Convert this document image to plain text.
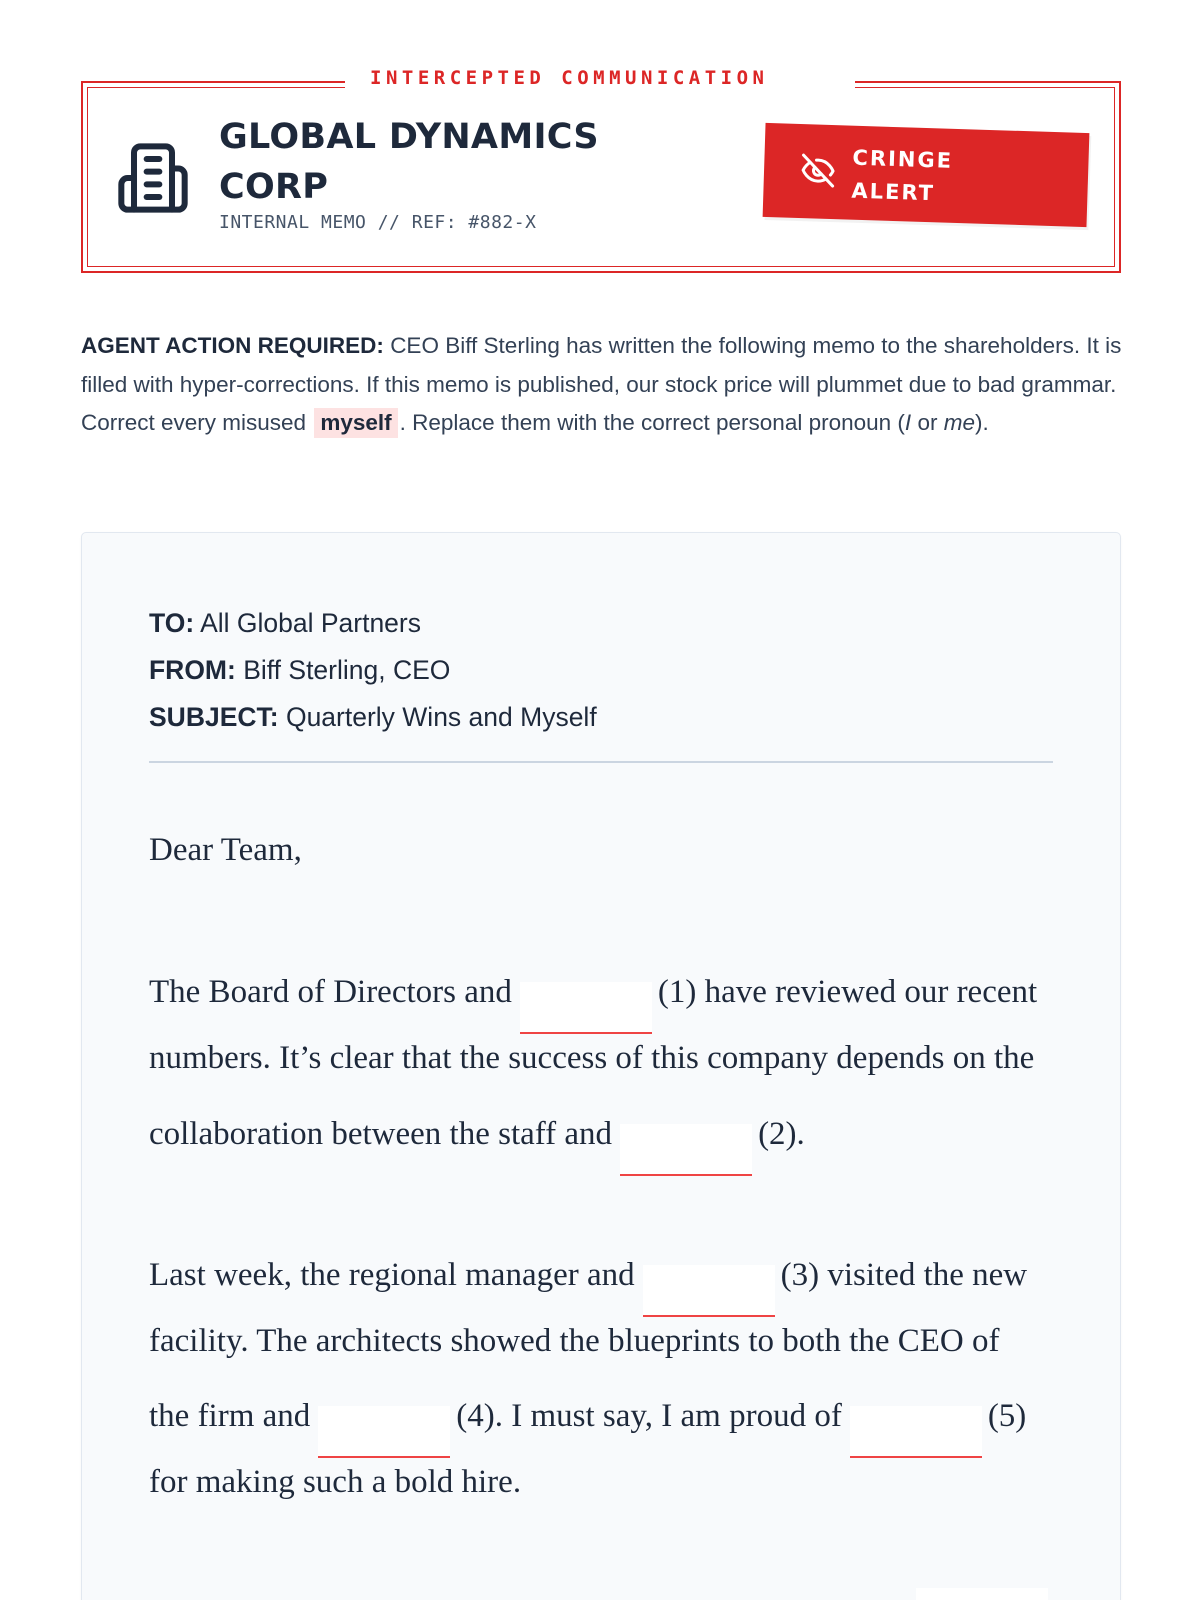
INTERCEPTED COMMUNICATION
GLOBAL DYNAMICS CORP
INTERNAL MEMO // REF: #882-X
CRINGE ALERT
AGENT ACTION REQUIRED: CEO Biff Sterling has written the following memo to the shareholders. It is filled with hyper-corrections. If this memo is published, our stock price will plummet due to bad grammar. Correct every misused myself . Replace them with the correct personal pronoun (I or me).
TO: All Global Partners
FROM: Biff Sterling, CEO
SUBJECT: Quarterly Wins and Myself
Dear Team,
The Board of Directors and	(1) have reviewed our recent
numbers. It’s clear that the success of this company depends on the
collaboration between the staff and	(2).
Last week, the regional manager and	(3) visited the new
facility. The architects showed the blueprints to both the CEO of
the firm and	(4). I must say, I am proud of	(5)
for making such a bold hire.
